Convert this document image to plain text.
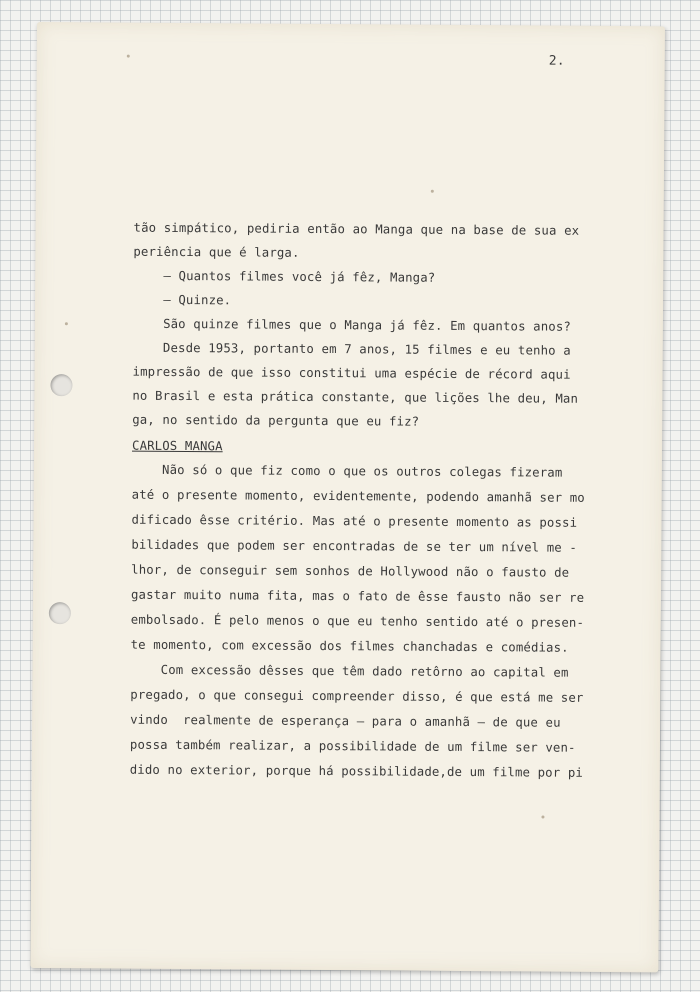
2.
tão simpático, pediria então ao Manga que na base de sua ex
periência que é larga.
— Quantos filmes você já fêz, Manga?
— Quinze.
São quinze filmes que o Manga já fêz. Em quantos anos?
Desde 1953, portanto em 7 anos, 15 filmes e eu tenho a
impressão de que isso constitui uma espécie de récord aqui
no Brasil e esta prática constante, que lições lhe deu, Man
ga, no sentido da pergunta que eu fiz?
CARLOS MANGA
Não só o que fiz como o que os outros colegas fizeram
até o presente momento, evidentemente, podendo amanhã ser mo
dificado êsse critério. Mas até o presente momento as possi
bilidades que podem ser encontradas de se ter um nível me -
lhor, de conseguir sem sonhos de Hollywood não o fausto de
gastar muito numa fita, mas o fato de êsse fausto não ser re
embolsado. É pelo menos o que eu tenho sentido até o presen-
te momento, com excessão dos filmes chanchadas e comédias.
Com excessão dêsses que têm dado retôrno ao capital em
pregado, o que consegui compreender disso, é que está me ser
vindo  realmente de esperança — para o amanhã — de que eu
possa também realizar, a possibilidade de um filme ser ven-
dido no exterior, porque há possibilidade,de um filme por pi
